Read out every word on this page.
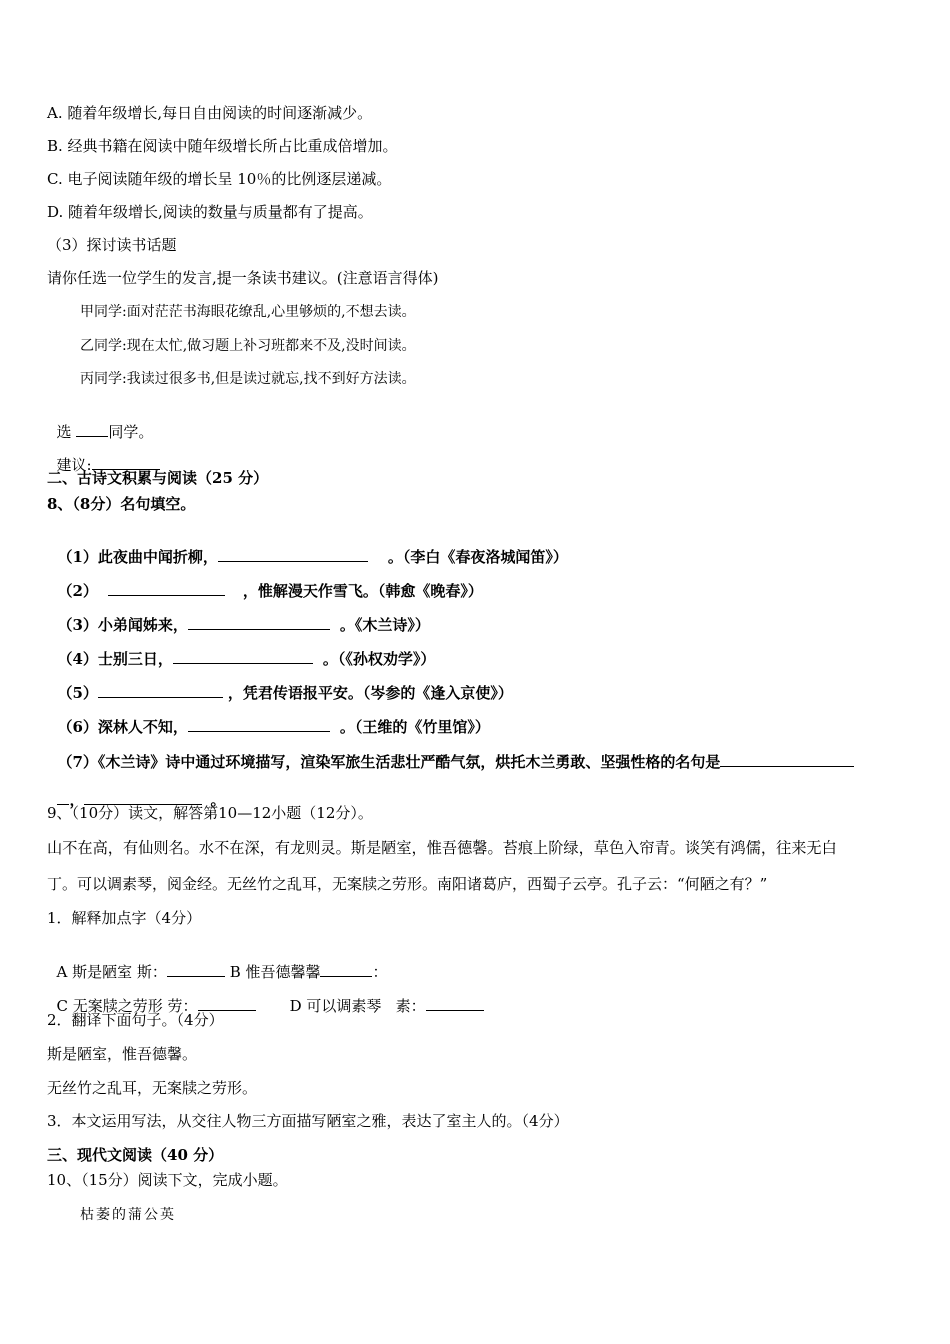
A. 随着年级增长,每日自由阅读的时间逐渐减少。
B. 经典书籍在阅读中随年级增长所占比重成倍增加。
C. 电子阅读随年级的增长呈 10％的比例逐层递减。
D. 随着年级增长,阅读的数量与质量都有了提高。
（3）探讨读书话题
请你任选一位学生的发言,提一条读书建议。(注意语言得体)
甲同学:面对茫茫书海眼花缭乱,心里够烦的,不想去读。
乙同学:现在太忙,做习题上补习班都来不及,没时间读。
丙同学:我读过很多书,但是读过就忘,找不到好方法读。

选 同学。

建议:

二、古诗文积累与阅读（25 分）
8、（8分）名句填空。

（1）此夜曲中闻折柳，	。（李白《春夜洛城闻笛》）

（2）	，惟解漫天作雪飞。（韩愈《晚春》）

（3）小弟闻姊来，	。《木兰诗》）

（4）士别三日，	。（《孙权劝学》）

（5）	，凭君传语报平安。（岑参的《逢入京使》）

（6）深林人不知，	。（王维的《竹里馆》）

（7）《木兰诗》诗中通过环境描写，渲染军旅生活悲壮严酷气氛，烘托木兰勇敢、坚强性格的名句是

，	。

9、（10分）读文，解答第10—12小题（12分）。
山不在高，有仙则名。水不在深，有龙则灵。斯是陋室，惟吾德馨。苔痕上阶绿，草色入帘青。谈笑有鸿儒，往来无白
丁。可以调素琴，阅金经。无丝竹之乱耳，无案牍之劳形。南阳诸葛庐，西蜀子云亭。孔子云：“何陋之有？”
1．解释加点字（4分）

A 斯是陋室 斯：	B 惟吾德馨馨	：

C 无案牍之劳形 劳：	D 可以调素琴   素：

2．翻译下面句子。（4分）
斯是陋室，惟吾德馨。
无丝竹之乱耳，无案牍之劳形。
3．本文运用写法，从交往人物三方面描写陋室之雅，表达了室主人的。（4分）
三、现代文阅读（40 分）
10、（15分）阅读下文，完成小题。
枯萎的蒲公英
